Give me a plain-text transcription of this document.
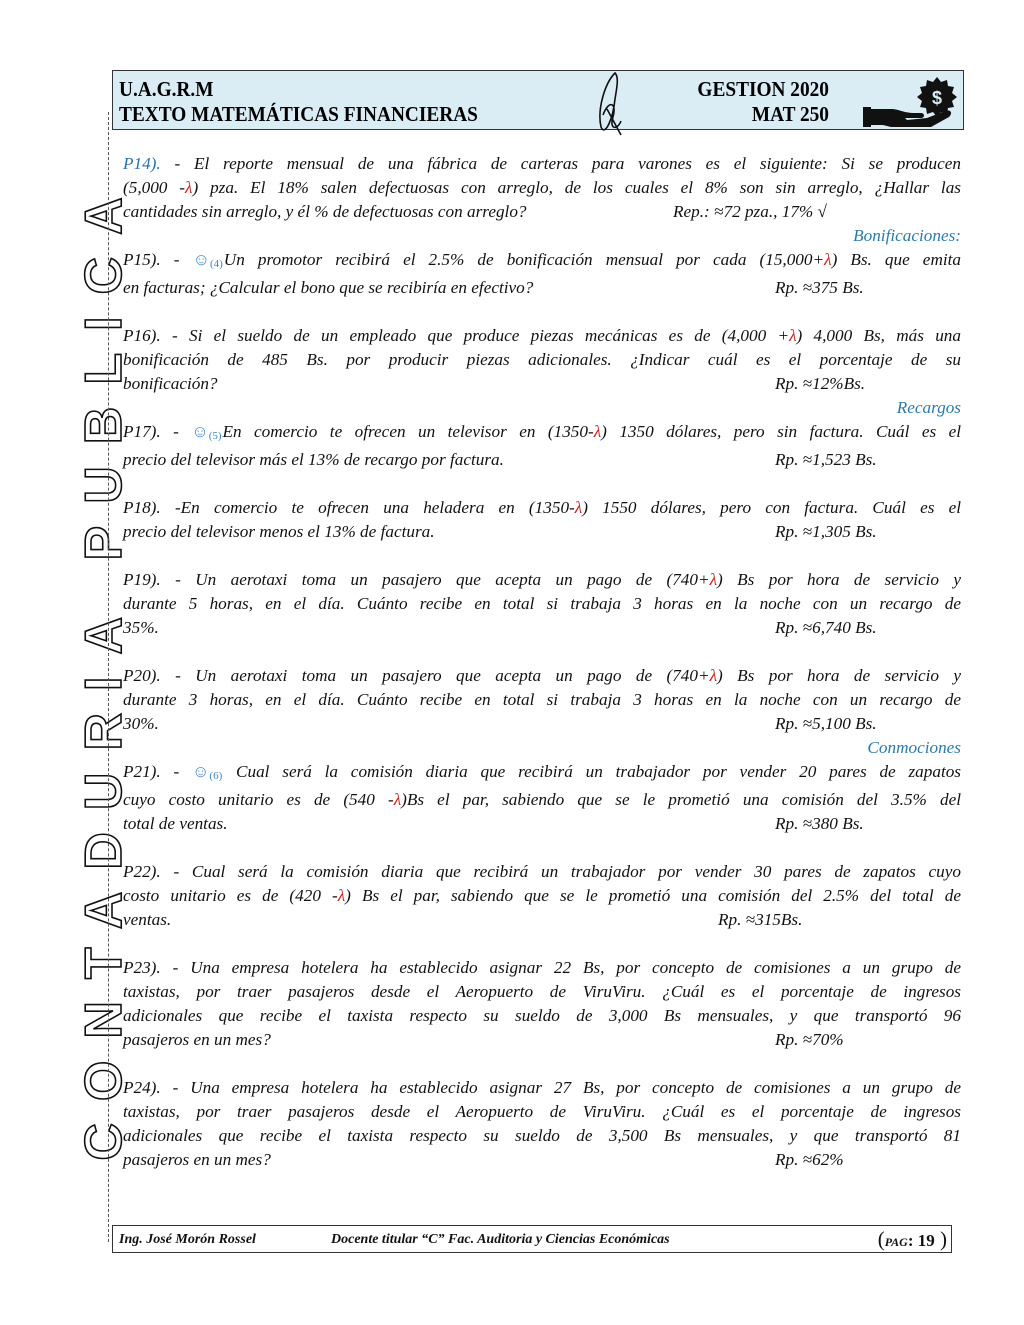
CONTADURIA PUBLICA
U.A.G.R.M
TEXTO MATEMÁTICAS FINANCIERAS
GESTION 2020
MAT 250
$
P14). - El reporte mensual de una fábrica de carteras para varones es el siguiente: Si se producen
(5,000 -λ) pza. El 18% salen defectuosas con arreglo, de los cuales el 8% son sin arreglo, ¿Hallar las
cantidades sin arreglo, y él % de defectuosas con arreglo?	Rep.: ≈72 pza., 17% √
Bonificaciones:
P15). - ☺(4)Un promotor recibirá el 2.5% de bonificación mensual por cada (15,000+λ) Bs. que emita
en facturas; ¿Calcular el bono que se recibiría en efectivo?	Rp. ≈375 Bs.
P16). - Si el sueldo de un empleado que produce piezas mecánicas es de (4,000 +λ) 4,000 Bs, más una
bonificación de 485 Bs. por producir piezas adicionales. ¿Indicar cuál es el porcentaje de su
bonificación?	Rp. ≈12%Bs.
Recargos
P17). - ☺(5)En comercio te ofrecen un televisor en (1350-λ) 1350 dólares, pero sin factura. Cuál es el
precio del televisor más el 13% de recargo por factura.	Rp. ≈1,523 Bs.
P18). -En comercio te ofrecen una heladera en (1350-λ) 1550 dólares, pero con factura. Cuál es el
precio del televisor menos el 13% de factura.	Rp. ≈1,305 Bs.
P19). - Un aerotaxi toma un pasajero que acepta un pago de (740+λ) Bs por hora de servicio y
durante 5 horas, en el día. Cuánto recibe en total si trabaja 3 horas en la noche con un recargo de
35%.	Rp. ≈6,740 Bs.
P20). - Un aerotaxi toma un pasajero que acepta un pago de (740+λ) Bs por hora de servicio y
durante 3 horas, en el día. Cuánto recibe en total si trabaja 3 horas en la noche con un recargo de
30%.	Rp. ≈5,100 Bs.
Conmociones
P21). - ☺(6) Cual será la comisión diaria que recibirá un trabajador por vender 20 pares de zapatos
cuyo costo unitario es de (540 -λ)Bs el par, sabiendo que se le prometió una comisión del 3.5% del
total de ventas.	Rp. ≈380 Bs.
P22). - Cual será la comisión diaria que recibirá un trabajador por vender 30 pares de zapatos cuyo
costo unitario es de (420 -λ) Bs el par, sabiendo que se le prometió una comisión del 2.5% del total de
ventas.	Rp. ≈315Bs.
P23). - Una empresa hotelera ha establecido asignar 22 Bs, por concepto de comisiones a un grupo de
taxistas, por traer pasajeros desde el Aeropuerto de ViruViru. ¿Cuál es el porcentaje de ingresos
adicionales que recibe el taxista respecto su sueldo de 3,000 Bs mensuales, y que transportó 96
pasajeros en un mes?	Rp. ≈70%
P24). - Una empresa hotelera ha establecido asignar 27 Bs, por concepto de comisiones a un grupo de
taxistas, por traer pasajeros desde el Aeropuerto de ViruViru. ¿Cuál es el porcentaje de ingresos
adicionales que recibe el taxista respecto su sueldo de 3,500 Bs mensuales, y que transportó 81
pasajeros en un mes?	Rp. ≈62%
Ing. José Morón Rossel	Docente titular “C” Fac. Auditoria y Ciencias Económicas	(PAG: 19 )
